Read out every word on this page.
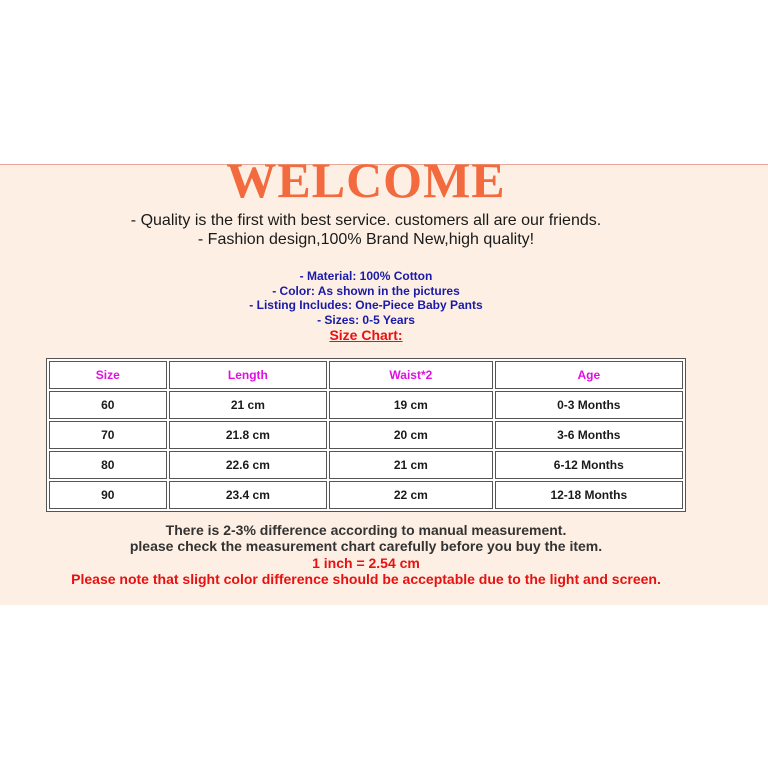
WELCOME
- Quality is the first with best service. customers all are our friends.
- Fashion design,100% Brand New,high quality!
- Material: 100% Cotton
- Color: As shown in the pictures
- Listing Includes: One-Piece Baby Pants
- Sizes: 0-5 Years
Size Chart:
Size	Length	Waist*2	Age
60	21 cm	19 cm	0-3 Months
70	21.8 cm	20 cm	3-6 Months
80	22.6 cm	21 cm	6-12 Months
90	23.4 cm	22 cm	12-18 Months
There is 2-3% difference according to manual measurement.
please check the measurement chart carefully before you buy the item.
1 inch = 2.54 cm
Please note that slight color difference should be acceptable due to the light and screen.
